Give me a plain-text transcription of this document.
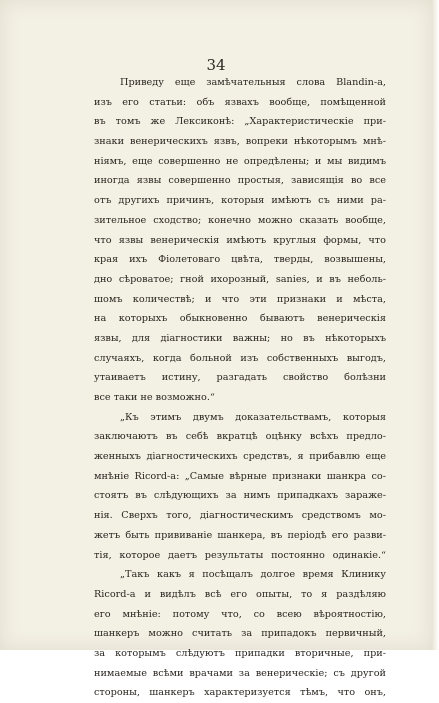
34
Приведу еще замѣчательныя слова Blandin-a,
изъ его статьи: объ язвахъ вообще, помѣщенной
въ томъ же Лексиконѣ: „Характеристическіе при-
знаки венерическихъ язвъ, вопреки нѣкоторымъ мнѣ-
ніямъ, еще совершенно не опредѣлены; и мы видимъ
иногда язвы совершенно простыя, зависящія во все
отъ другихъ причинъ, которыя имѣютъ съ ними ра-
зительное сходство; конечно можно сказать вообще,
что язвы венерическія имѣютъ круглыя формы, что
края ихъ Фіолетоваго цвѣта, тверды, возвышены,
дно сѣроватое; гной ихорозный, sanies, и въ неболь-
шомъ количествѣ; и что эти признаки и мѣста,
на которыхъ обыкновенно бываютъ венерическія
язвы, для діагностики важны; но въ нѣкоторыхъ
случаяхъ, когда больной изъ собственныхъ выгодъ,
утаиваетъ истину, разгадать свойство болѣзни
все таки не возможно.“
„Къ этимъ двумъ доказательствамъ, которыя
заключаютъ въ себѣ вкратцѣ оцѣнку всѣхъ предло-
женныхъ діагностическихъ средствъ, я прибавлю еще
мнѣніе Ricord-a: „Самые вѣрные признаки шанкра со-
стоятъ въ слѣдующихъ за нимъ припадкахъ зараже-
нія. Сверхъ того, діагностическимъ средствомъ мо-
жетъ быть прививаніе шанкера, въ періодѣ его разви-
тія, которое даетъ результаты постоянно одинакіе.“
„Такъ какъ я посѣщалъ долгое время Клинику
Ricord-a и видѣлъ всѣ его опыты, то я раздѣляю
его мнѣніе: потому что, со всею вѣроятностію,
шанкеръ можно считать за припадокъ первичный,
за которымъ слѣдуютъ припадки вторичные, при-
нимаемые всѣми врачами за венерическіе; съ другой
стороны, шанкеръ характеризуется тѣмъ, что онъ,
